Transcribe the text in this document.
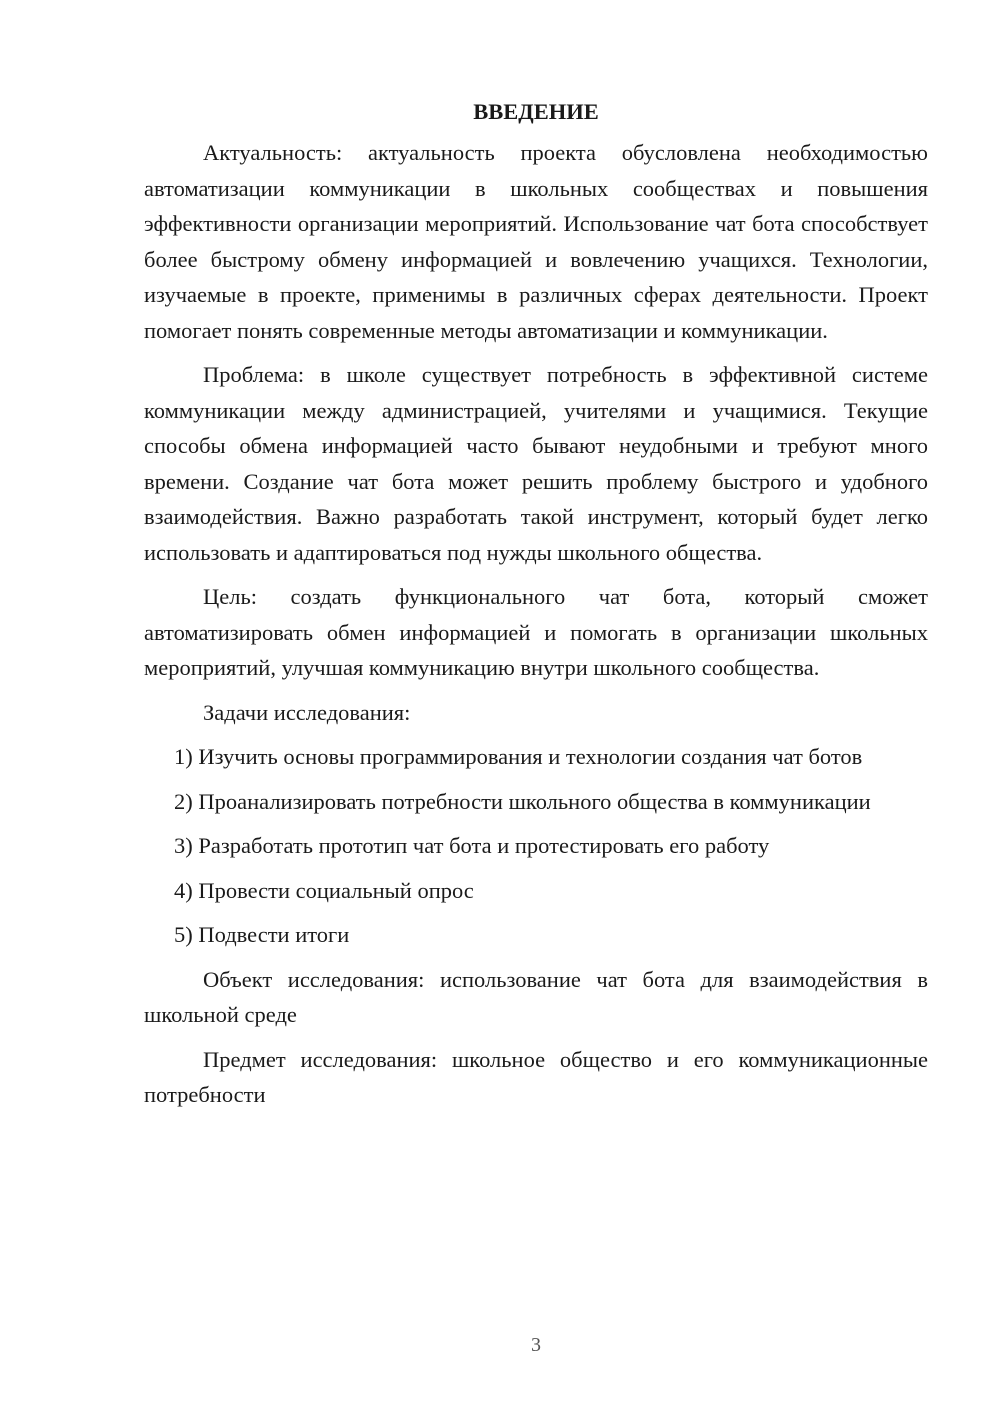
ВВЕДЕНИЕ

Актуальность: актуальность проекта обусловлена необходимостью автоматизации коммуникации в школьных сообществах и повышения эффективности организации мероприятий. Использование чат бота способствует более быстрому обмену информацией и вовлечению учащихся. Технологии, изучаемые в проекте, применимы в различных сферах деятельности. Проект помогает понять современные методы автоматизации и коммуникации.

Проблема: в школе существует потребность в эффективной системе коммуникации между администрацией, учителями и учащимися. Текущие способы обмена информацией часто бывают неудобными и требуют много времени. Создание чат бота может решить проблему быстрого и удобного взаимодействия. Важно разработать такой инструмент, который будет легко использовать и адаптироваться под нужды школьного общества.

Цель: создать функционального чат бота, который сможет автоматизировать обмен информацией и помогать в организации школьных мероприятий, улучшая коммуникацию внутри школьного сообщества.

Задачи исследования:

1) Изучить основы программирования и технологии создания чат ботов

2) Проанализировать потребности школьного общества в коммуникации

3) Разработать прототип чат бота и протестировать его работу

4) Провести социальный опрос

5) Подвести итоги

Объект исследования: использование чат бота для взаимодействия в школьной среде

Предмет исследования: школьное общество и его коммуникационные потребности

3
